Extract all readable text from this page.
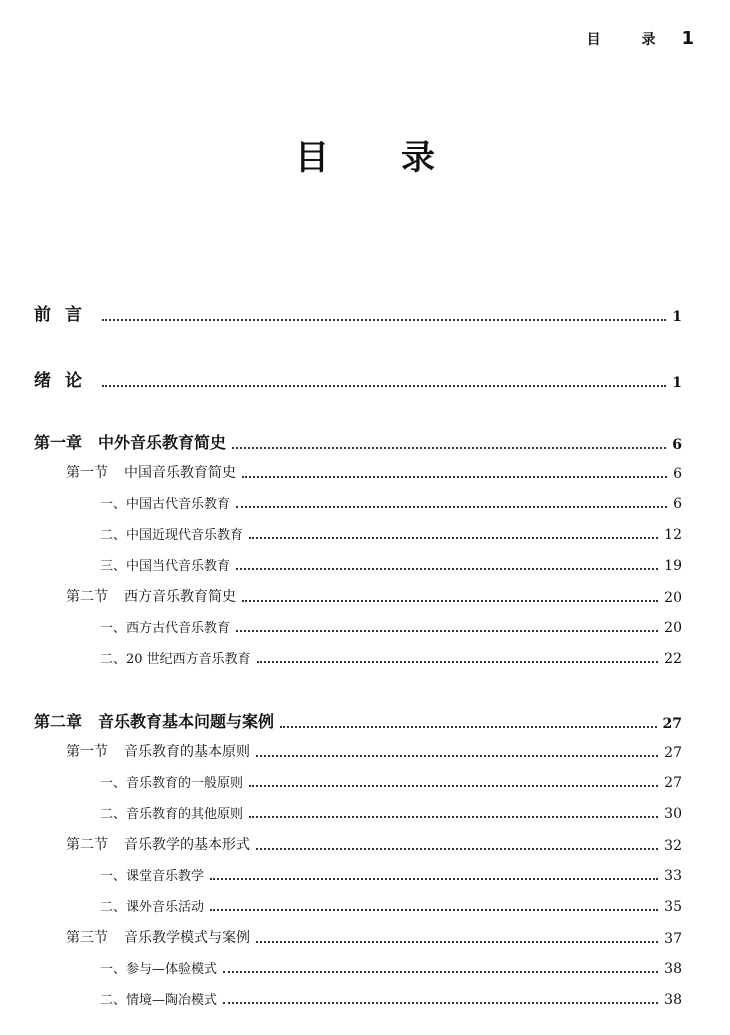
目 录 1
目 录
前言	1
绪论	1
第一章 中外音乐教育简史	6
第一节 中国音乐教育简史	6
一、中国古代音乐教育	6
二、中国近现代音乐教育	12
三、中国当代音乐教育	19
第二节 西方音乐教育简史	20
一、西方古代音乐教育	20
二、20 世纪西方音乐教育	22
第二章 音乐教育基本问题与案例	27
第一节 音乐教育的基本原则	27
一、音乐教育的一般原则	27
二、音乐教育的其他原则	30
第二节 音乐教学的基本形式	32
一、课堂音乐教学	33
二、课外音乐活动	35
第三节 音乐教学模式与案例	37
一、参与—体验模式	38
二、情境—陶冶模式	38
